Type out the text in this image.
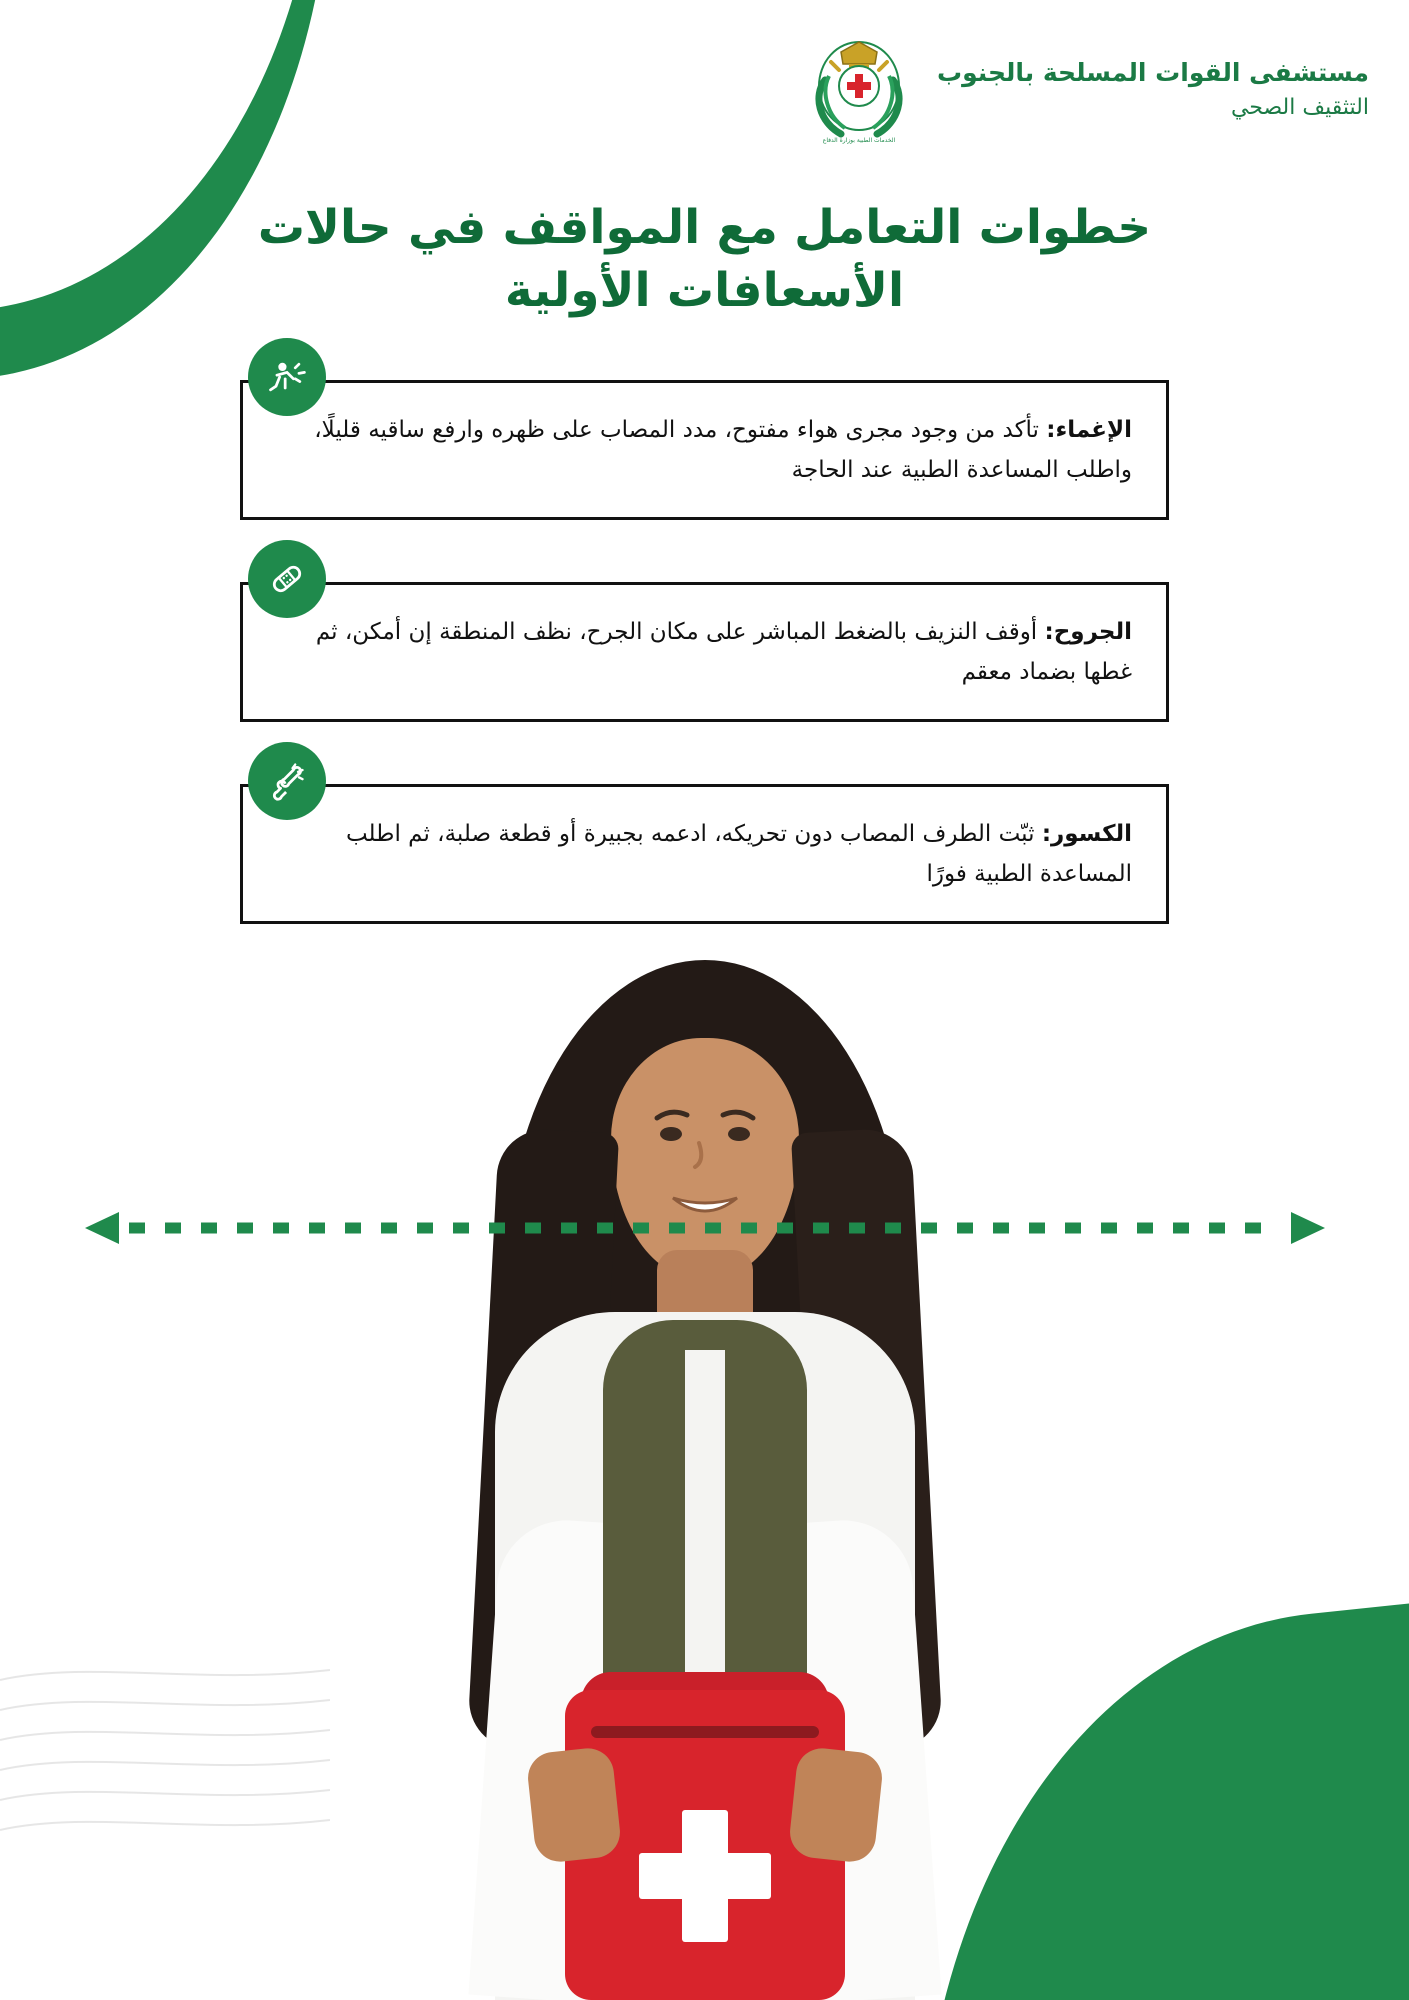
مستشفى القوات المسلحة بالجنوب
التثقيف الصحي
الخدمات الطبية بوزارة الدفاع
خطوات التعامل مع المواقف في حالات الأسعافات الأولية
الإغماء: تأكد من وجود مجرى هواء مفتوح، مدد المصاب على ظهره وارفع ساقيه قليلًا، واطلب المساعدة الطبية عند الحاجة
الجروح: أوقف النزيف بالضغط المباشر على مكان الجرح، نظف المنطقة إن أمكن، ثم غطها بضماد معقم
الكسور: ثبّت الطرف المصاب دون تحريكه، ادعمه بجبيرة أو قطعة صلبة، ثم اطلب المساعدة الطبية فورًا
